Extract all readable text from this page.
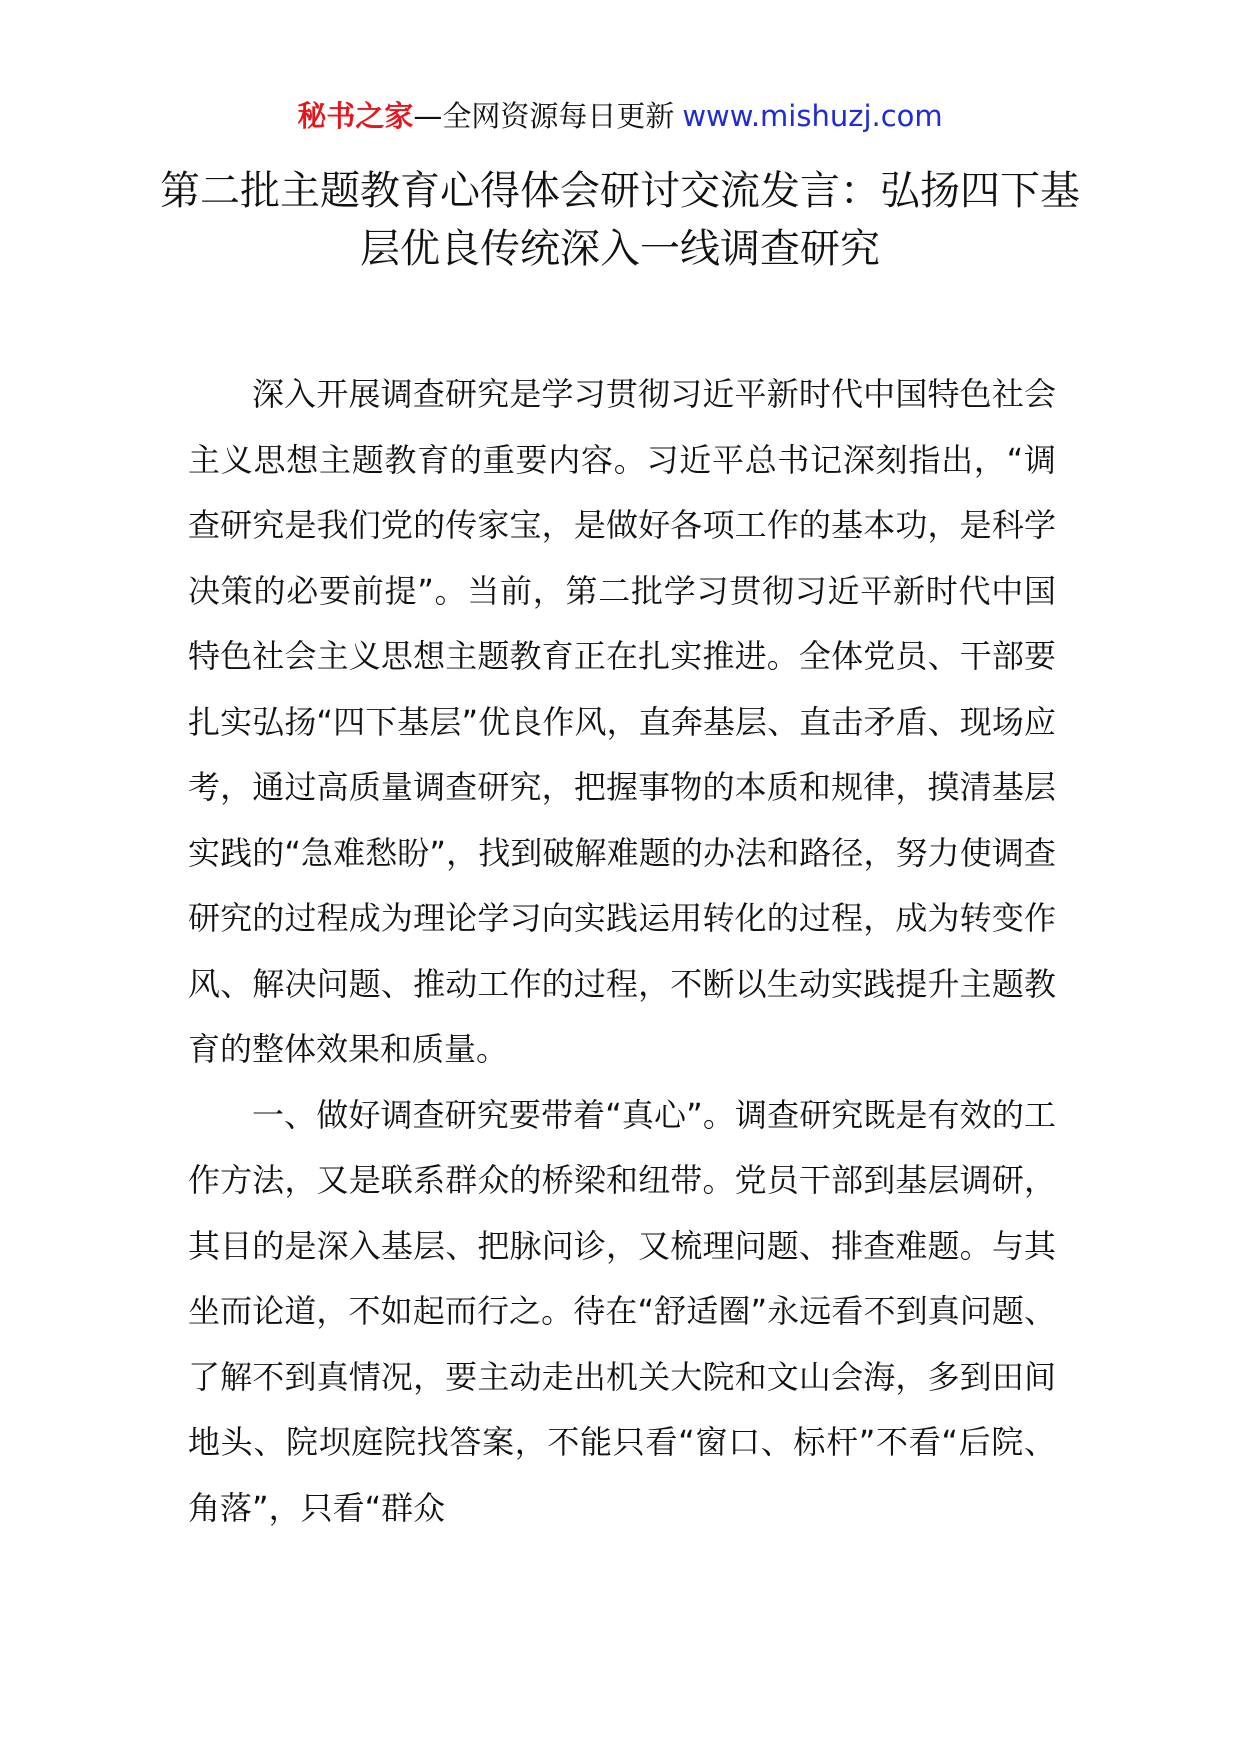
秘书之家—全网资源每日更新 www.mishuzj.com
第二批主题教育心得体会研讨交流发言：弘扬四下基层优良传统深入一线调查研究

深入开展调查研究是学习贯彻习近平新时代中国特色社会主义思想主题教育的重要内容。习近平总书记深刻指出，“调查研究是我们党的传家宝，是做好各项工作的基本功，是科学决策的必要前提”。当前，第二批学习贯彻习近平新时代中国特色社会主义思想主题教育正在扎实推进。全体党员、干部要扎实弘扬“四下基层”优良作风，直奔基层、直击矛盾、现场应考，通过高质量调查研究，把握事物的本质和规律，摸清基层实践的“急难愁盼”，找到破解难题的办法和路径，努力使调查研究的过程成为理论学习向实践运用转化的过程，成为转变作风、解决问题、推动工作的过程，不断以生动实践提升主题教育的整体效果和质量。

一、做好调查研究要带着“真心”。调查研究既是有效的工作方法，又是联系群众的桥梁和纽带。党员干部到基层调研，其目的是深入基层、把脉问诊，又梳理问题、排查难题。与其坐而论道，不如起而行之。待在“舒适圈”永远看不到真问题、了解不到真情况，要主动走出机关大院和文山会海，多到田间地头、院坝庭院找答案，不能只看“窗口、标杆”不看“后院、角落”，只看“群众
